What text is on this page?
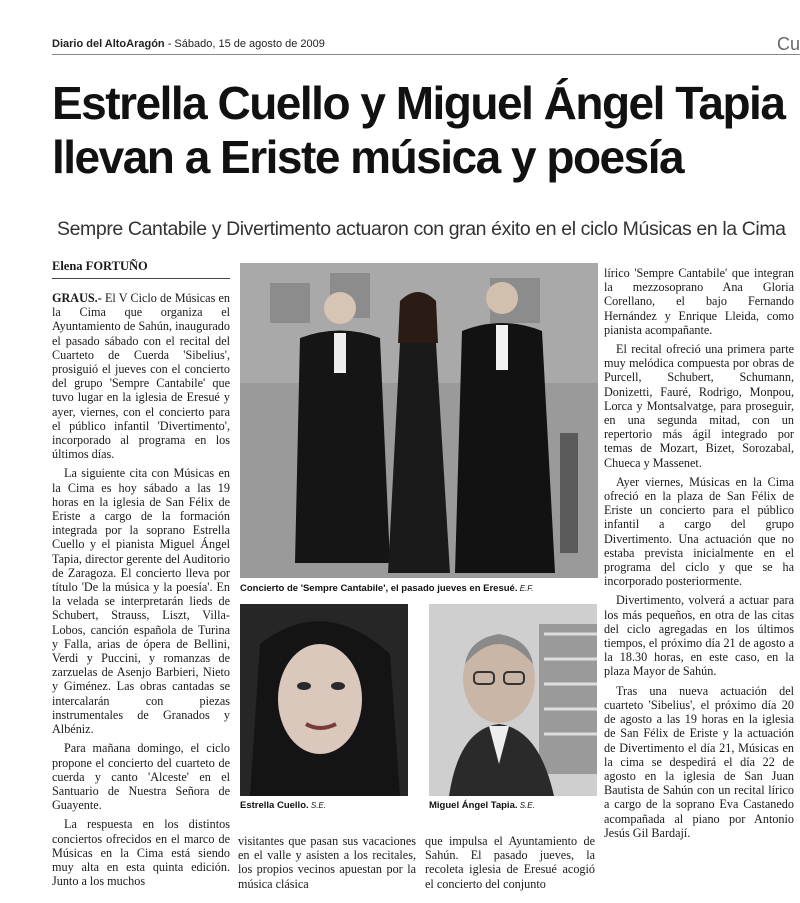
Diario del AltoAragón - Sábado, 15 de agosto de 2009	Cu
Estrella Cuello y Miguel Ángel Tapia
llevan a Eriste música y poesía
Sempre Cantabile y Divertimento actuaron con gran éxito en el ciclo Músicas en la Cima
Elena FORTUÑO

GRAUS.- El V Ciclo de Músicas en la Cima que organiza el Ayuntamiento de Sahún, inaugurado el pasado sábado con el recital del Cuarteto de Cuerda 'Sibelius', prosiguió el jueves con el concierto del grupo 'Sempre Cantabile' que tuvo lugar en la iglesia de Eresué y ayer, viernes, con el concierto para el público infantil 'Divertimento', incorporado al programa en los últimos días.

La siguiente cita con Músicas en la Cima es hoy sábado a las 19 horas en la iglesia de San Félix de Eriste a cargo de la formación integrada por la soprano Estrella Cuello y el pianista Miguel Ángel Tapia, director gerente del Auditorio de Zaragoza. El concierto lleva por título 'De la música y la poesía'. En la velada se interpretarán lieds de Schubert, Strauss, Liszt, Villa-Lobos, canción española de Turina y Falla, arias de ópera de Bellini, Verdi y Puccini, y romanzas de zarzuelas de Asenjo Barbieri, Nieto y Giménez. Las obras cantadas se intercalarán con piezas instrumentales de Granados y Albéniz.

Para mañana domingo, el ciclo propone el concierto del cuarteto de cuerda y canto 'Alceste' en el Santuario de Nuestra Señora de Guayente.

La respuesta en los distintos conciertos ofrecidos en el marco de Músicas en la Cima está siendo muy alta en esta quinta edición. Junto a los muchos

Concierto de 'Sempre Cantabile', el pasado jueves en Eresué. E.F.
Estrella Cuello. S.E.	Miguel Ángel Tapia. S.E.

visitantes que pasan sus vacaciones en el valle y asisten a los recitales, los propios vecinos apuestan por la música clásica

que impulsa el Ayuntamiento de Sahún. El pasado jueves, la recoleta iglesia de Eresué acogió el concierto del conjunto

lírico 'Sempre Cantabile' que integran la mezzosoprano Ana Gloria Corellano, el bajo Fernando Hernández y Enrique Lleida, como pianista acompañante.

El recital ofreció una primera parte muy melódica compuesta por obras de Purcell, Schubert, Schumann, Donizetti, Fauré, Rodrigo, Monpou, Lorca y Montsalvatge, para proseguir, en una segunda mitad, con un repertorio más ágil integrado por temas de Mozart, Bizet, Sorozabal, Chueca y Massenet.

Ayer viernes, Músicas en la Cima ofreció en la plaza de San Félix de Eriste un concierto para el público infantil a cargo del grupo Divertimento. Una actuación que no estaba prevista inicialmente en el programa del ciclo y que se ha incorporado posteriormente.

Divertimento, volverá a actuar para los más pequeños, en otra de las citas del ciclo agregadas en los últimos tiempos, el próximo día 21 de agosto a la 18.30 horas, en este caso, en la plaza Mayor de Sahún.

Tras una nueva actuación del cuarteto 'Sibelius', el próximo día 20 de agosto a las 19 horas en la iglesia de San Félix de Eriste y la actuación de Divertimento el día 21, Músicas en la cima se despedirá el día 22 de agosto en la iglesia de San Juan Bautista de Sahún con un recital lírico a cargo de la soprano Eva Castanedo acompañada al piano por Antonio Jesús Gil Bardají.
